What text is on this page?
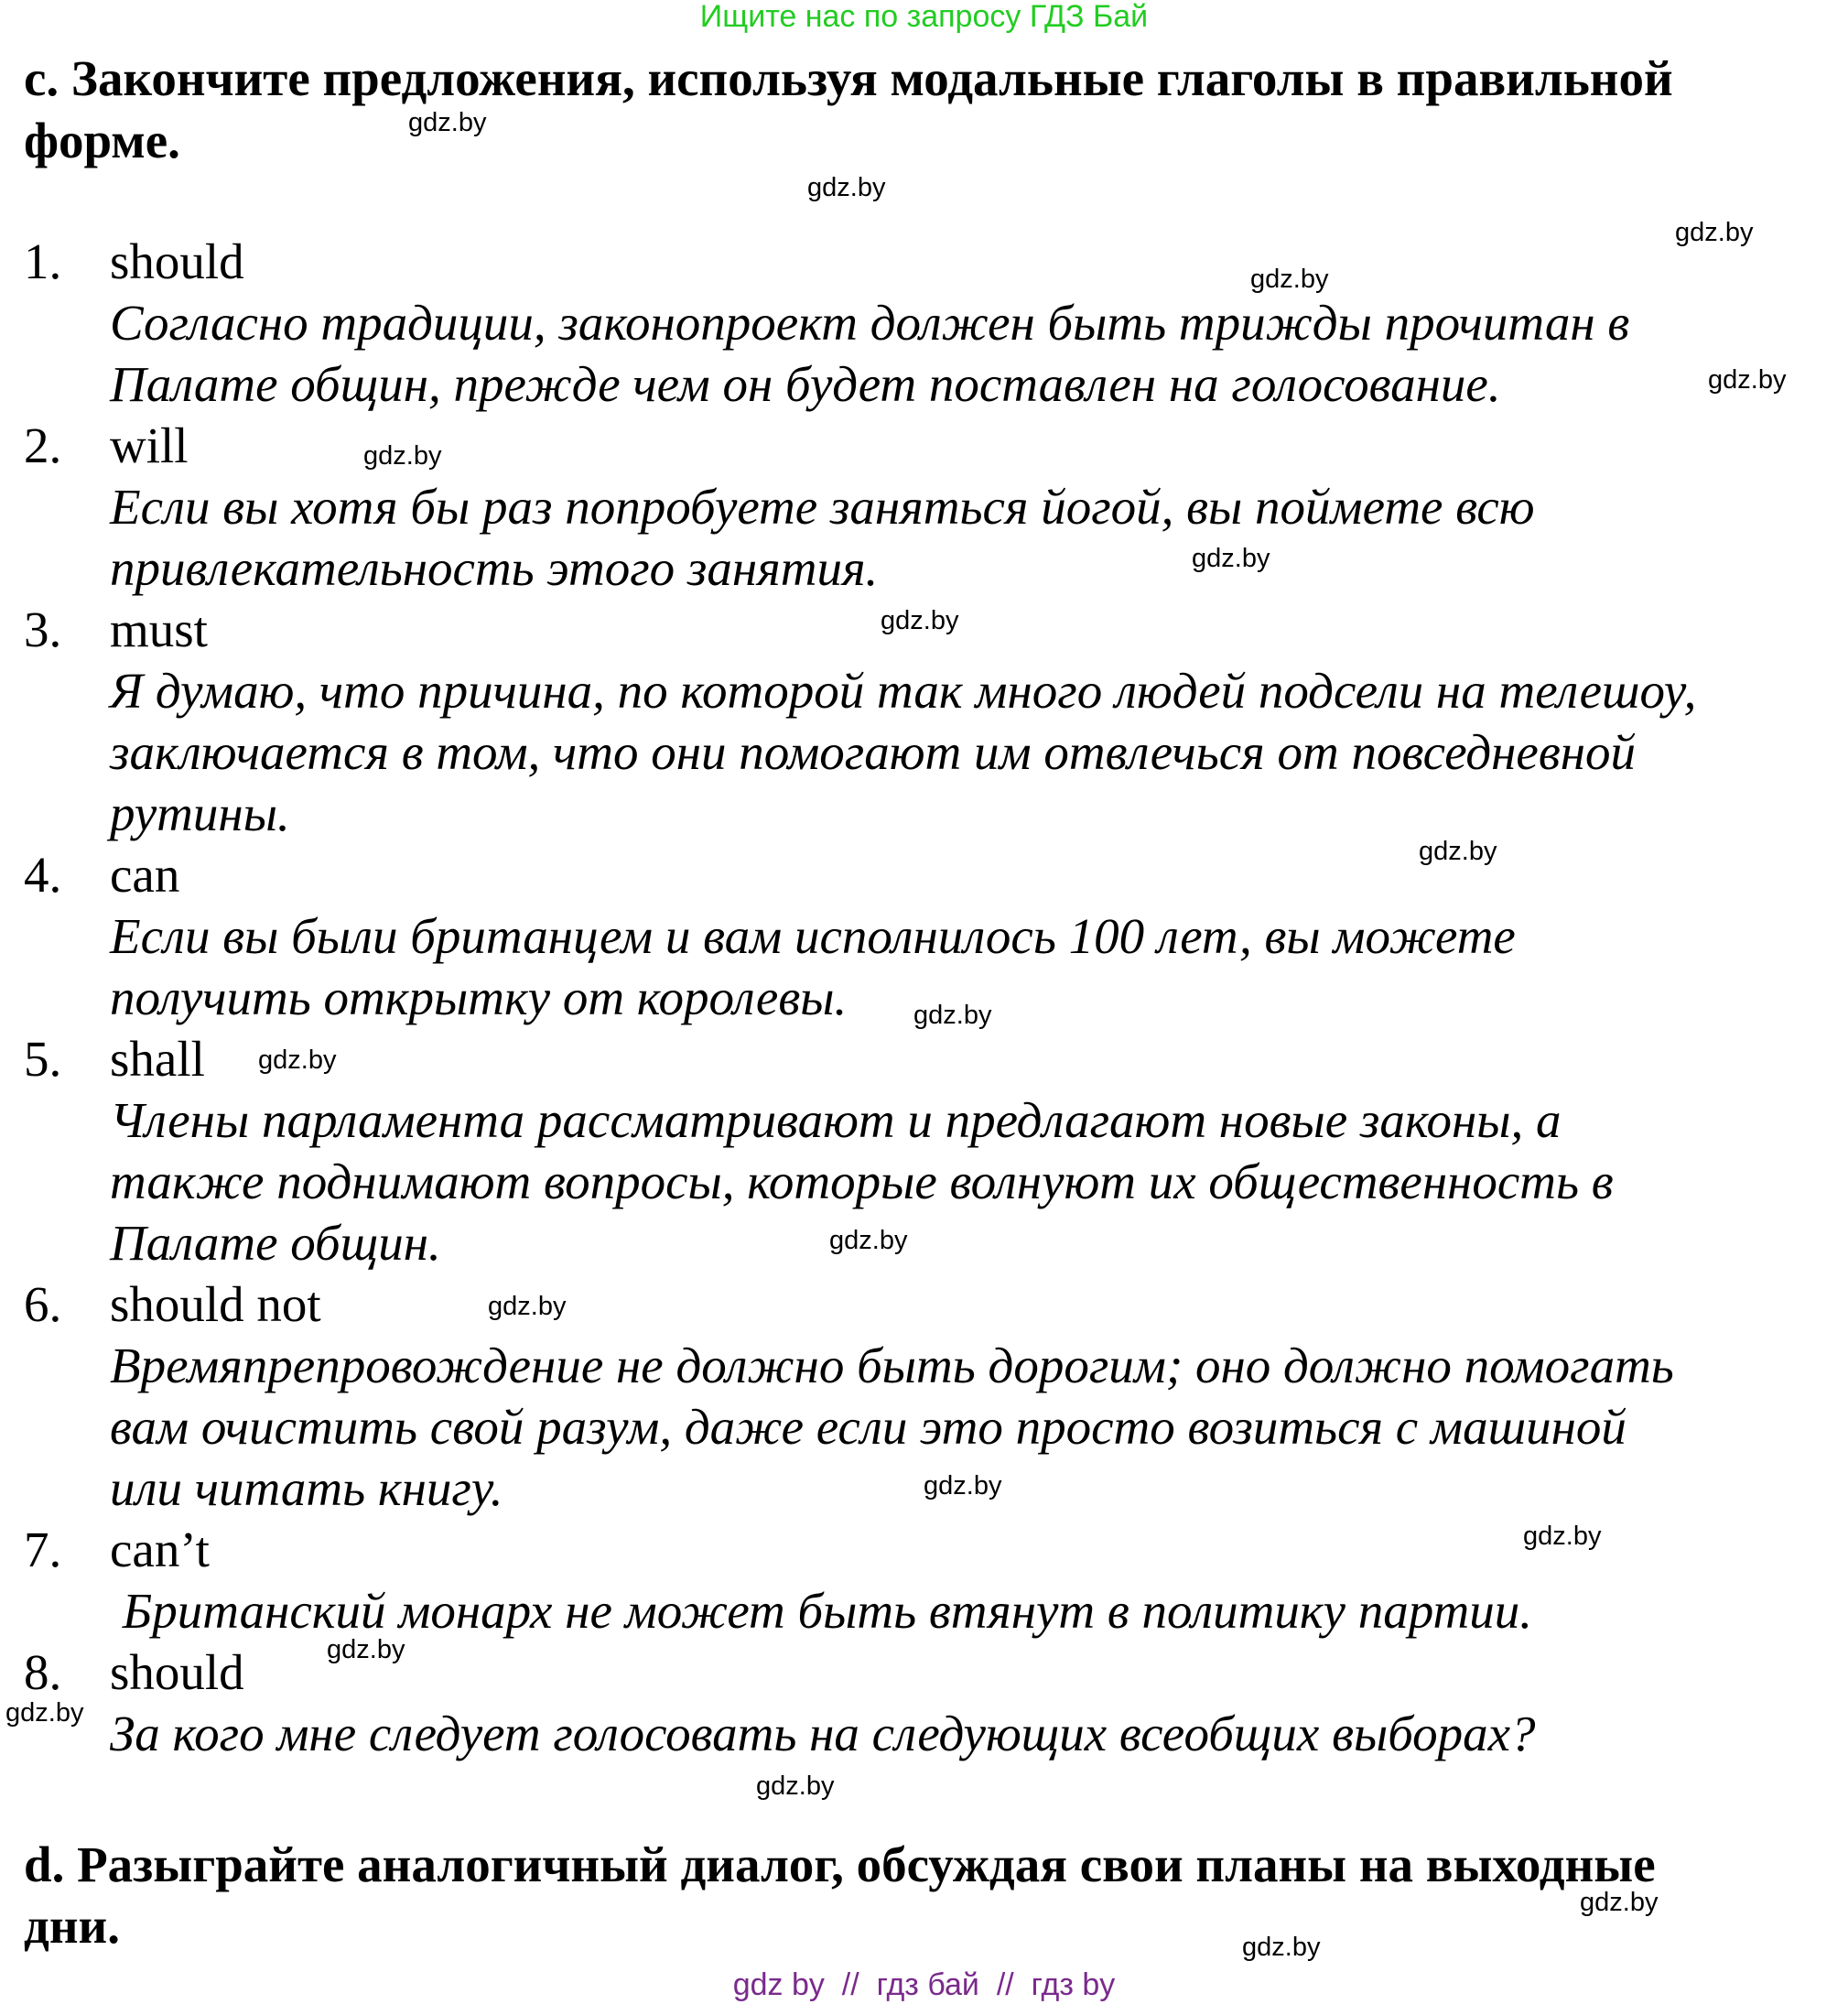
Ищите нас по запросу ГДЗ Бай
c. Закончите предложения, используя модальные глаголы в правильной
форме.
1. should
Согласно традиции, законопроект должен быть трижды прочитан в
Палате общин, прежде чем он будет поставлен на голосование.
2. will
Если вы хотя бы раз попробуете заняться йогой, вы поймете всю
привлекательность этого занятия.
3. must
Я думаю, что причина, по которой так много людей подсели на телешоу,
заключается в том, что они помогают им отвлечься от повседневной
рутины.
4. can
Если вы были британцем и вам исполнилось 100 лет, вы можете
получить открытку от королевы.
5. shall
Члены парламента рассматривают и предлагают новые законы, а
также поднимают вопросы, которые волнуют их общественность в
Палате общин.
6. should not
Времяпрепровождение не должно быть дорогим; оно должно помогать
вам очистить свой разум, даже если это просто возиться с машиной
или читать книгу.
7. can’t
Британский монарх не может быть втянут в политику партии.
8. should
За кого мне следует голосовать на следующих всеобщих выборах?
d. Разыграйте аналогичный диалог, обсуждая свои планы на выходные
дни.
gdz.by
gdz.by
gdz.by
gdz.by
gdz.by
gdz.by
gdz.by
gdz.by
gdz.by
gdz.by
gdz.by
gdz.by
gdz.by
gdz.by
gdz.by
gdz.by
gdz.by
gdz.by
gdz.by
gdz.by
gdz by  //  гдз бай  //  гдз by
